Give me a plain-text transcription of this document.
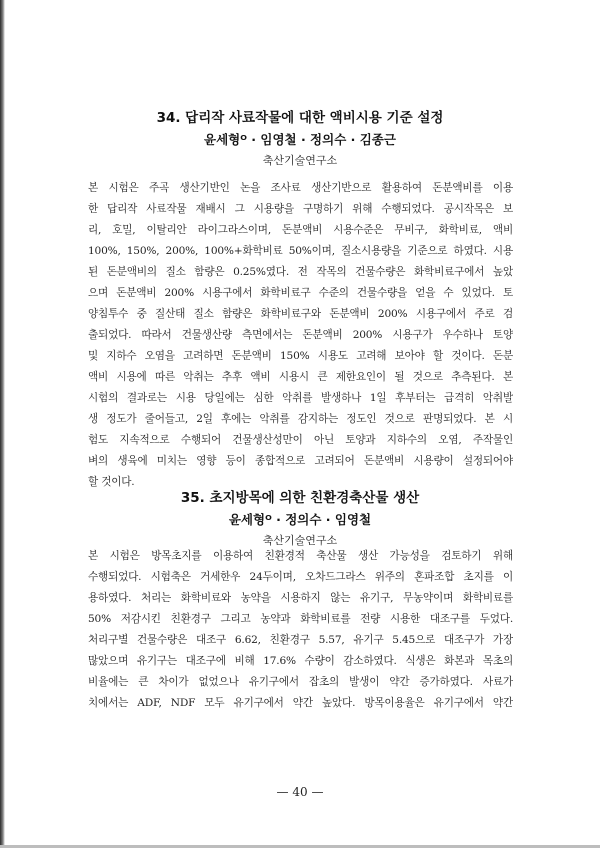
34. 답리작 사료작물에 대한 액비시용 기준 설정
윤세형ᴼ · 임영철 · 정의수 · 김종근
축산기술연구소
본 시험은 주곡 생산기반인 논을 조사료 생산기반으로 활용하여 돈분액비를 이용
한 답리작 사료작물 재배시 그 시용량을 구명하기 위해 수행되었다. 공시작목은 보
리, 호밀, 이탈리안 라이그라스이며, 돈분액비 시용수준은 무비구, 화학비료, 액비
100%, 150%, 200%, 100%+화학비료 50%이며, 질소시용량을 기준으로 하였다. 시용
된 돈분액비의 질소 함량은 0.25%였다. 전 작목의 건물수량은 화학비료구에서 높았
으며 돈분액비 200% 시용구에서 화학비료구 수준의 건물수량을 얻을 수 있었다. 토
양침투수 중 질산태 질소 함량은 화학비료구와 돈분액비 200% 시용구에서 주로 검
출되었다. 따라서 건물생산량 측면에서는 돈분액비 200% 시용구가 우수하나 토양
및 지하수 오염을 고려하면 돈분액비 150% 시용도 고려해 보아야 할 것이다. 돈분
액비 시용에 따른 악취는 추후 액비 시용시 큰 제한요인이 될 것으로 추측된다. 본
시험의 결과로는 시용 당일에는 심한 악취를 발생하나 1일 후부터는 급격히 악취발
생 정도가 줄어들고, 2일 후에는 악취를 감지하는 정도인 것으로 판명되었다. 본 시
험도 지속적으로 수행되어 건물생산성만이 아닌 토양과 지하수의 오염, 주작물인
벼의 생육에 미치는 영향 등이 종합적으로 고려되어 돈분액비 시용량이 설정되어야
할 것이다.
35. 초지방목에 의한 친환경축산물 생산
윤세형ᴼ · 정의수 · 임영철
축산기술연구소
본 시험은 방목초지를 이용하여 친환경적 축산물 생산 가능성을 검토하기 위해
수행되었다. 시험축은 거세한우 24두이며, 오차드그라스 위주의 혼파조합 초지를 이
용하였다. 처리는 화학비료와 농약을 시용하지 않는 유기구, 무농약이며 화학비료를
50% 저감시킨 친환경구 그리고 농약과 화학비료를 전량 시용한 대조구를 두었다.
처리구별 건물수량은 대조구 6.62, 친환경구 5.57, 유기구 5.45으로 대조구가 가장
많았으며 유기구는 대조구에 비해 17.6% 수량이 감소하였다. 식생은 화본과 목초의
비율에는 큰 차이가 없었으나 유기구에서 잡초의 발생이 약간 증가하였다. 사료가
치에서는 ADF, NDF 모두 유기구에서 약간 높았다. 방목이용율은 유기구에서 약간
— 40 —
